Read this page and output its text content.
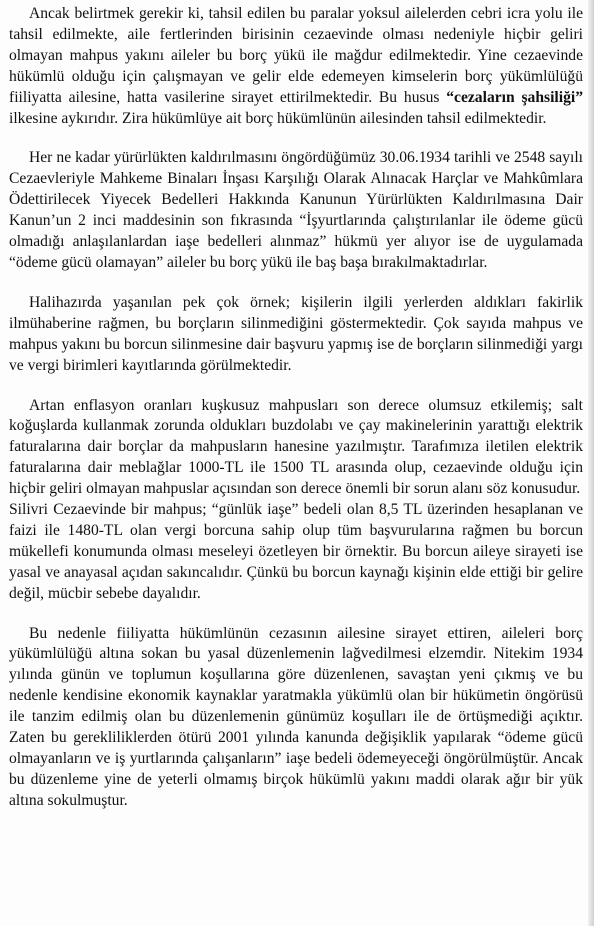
Ancak belirtmek gerekir ki, tahsil edilen bu paralar yoksul ailelerden cebri icra yolu ile tahsil edilmekte, aile fertlerinden birisinin cezaevinde olması nedeniyle hiçbir geliri olmayan mahpus yakını aileler bu borç yükü ile mağdur edilmektedir. Yine cezaevinde hükümlü olduğu için çalışmayan ve gelir elde edemeyen kimselerin borç yükümlülüğü fiiliyatta ailesine, hatta vasilerine sirayet ettirilmektedir. Bu husus “cezaların şahsiliği” ilkesine aykırıdır. Zira hükümlüye ait borç hükümlünün ailesinden tahsil edilmektedir.

Her ne kadar yürürlükten kaldırılmasını öngördüğümüz 30.06.1934 tarihli ve 2548 sayılı Cezaevleriyle Mahkeme Binaları İnşası Karşılığı Olarak Alınacak Harçlar ve Mahkûmlara Ödettirilecek Yiyecek Bedelleri Hakkında Kanunun Yürürlükten Kaldırılmasına Dair Kanun’un 2 inci maddesinin son fıkrasında “İşyurtlarında çalıştırılanlar ile ödeme gücü olmadığı anlaşılanlardan iaşe bedelleri alınmaz” hükmü yer alıyor ise de uygulamada “ödeme gücü olamayan” aileler bu borç yükü ile baş başa bırakılmaktadırlar.

Halihazırda yaşanılan pek çok örnek; kişilerin ilgili yerlerden aldıkları fakirlik ilmühaberine rağmen, bu borçların silinmediğini göstermektedir. Çok sayıda mahpus ve mahpus yakını bu borcun silinmesine dair başvuru yapmış ise de borçların silinmediği yargı ve vergi birimleri kayıtlarında görülmektedir.

Artan enflasyon oranları kuşkusuz mahpusları son derece olumsuz etkilemiş; salt koğuşlarda kullanmak zorunda oldukları buzdolabı ve çay makinelerinin yarattığı elektrik faturalarına dair borçlar da mahpusların hanesine yazılmıştır. Tarafımıza iletilen elektrik faturalarına dair meblağlar 1000-TL ile 1500 TL arasında olup, cezaevinde olduğu için hiçbir geliri olmayan mahpuslar açısından son derece önemli bir sorun alanı söz konusudur.

Silivri Cezaevinde bir mahpus; “günlük iaşe” bedeli olan 8,5 TL üzerinden hesaplanan ve faizi ile 1480-TL olan vergi borcuna sahip olup tüm başvurularına rağmen bu borcun mükellefi konumunda olması meseleyi özetleyen bir örnektir. Bu borcun aileye sirayeti ise yasal ve anayasal açıdan sakıncalıdır. Çünkü bu borcun kaynağı kişinin elde ettiği bir gelire değil, mücbir sebebe dayalıdır.

Bu nedenle fiiliyatta hükümlünün cezasının ailesine sirayet ettiren, aileleri borç yükümlülüğü altına sokan bu yasal düzenlemenin lağvedilmesi elzemdir. Nitekim 1934 yılında günün ve toplumun koşullarına göre düzenlenen, savaştan yeni çıkmış ve bu nedenle kendisine ekonomik kaynaklar yaratmakla yükümlü olan bir hükümetin öngörüsü ile tanzim edilmiş olan bu düzenlemenin günümüz koşulları ile de örtüşmediği açıktır. Zaten bu gerekliliklerden ötürü 2001 yılında kanunda değişiklik yapılarak “ödeme gücü olmayanların ve iş yurtlarında çalışanların” iaşe bedeli ödemeyeceği öngörülmüştür. Ancak bu düzenleme yine de yeterli olmamış birçok hükümlü yakını maddi olarak ağır bir yük altına sokulmuştur.
